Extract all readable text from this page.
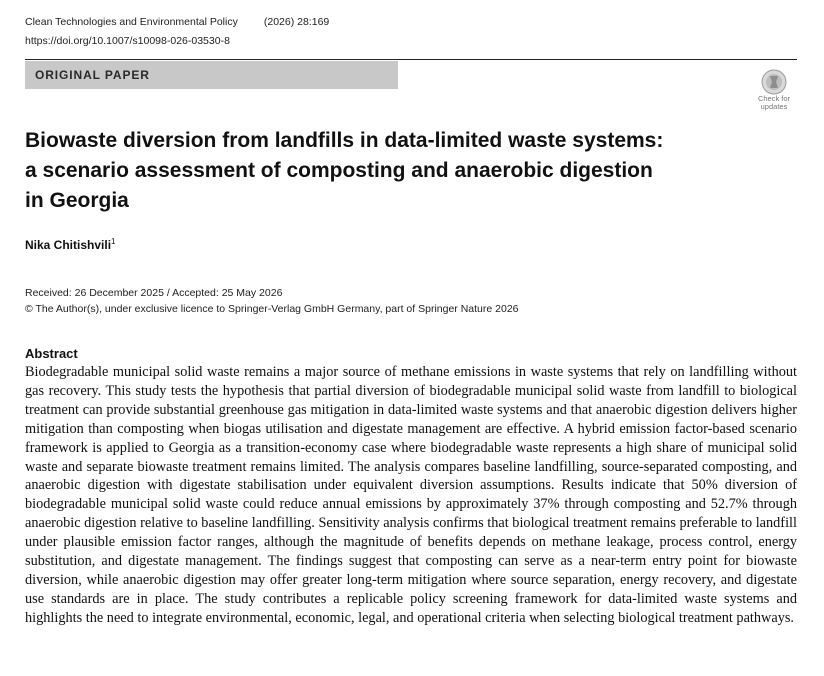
Clean Technologies and Environmental Policy (2026) 28:169
https://doi.org/10.1007/s10098-026-03530-8
ORIGINAL PAPER
Check for
updates
Biowaste diversion from landfills in data-limited waste systems:
a scenario assessment of composting and anaerobic digestion
in Georgia
Nika Chitishvili$^1$
Received: 26 December 2025 / Accepted: 25 May 2026
© The Author(s), under exclusive licence to Springer-Verlag GmbH Germany, part of Springer Nature 2026
Abstract
Biodegradable municipal solid waste remains a major source of methane emissions in waste systems that rely on landfilling without gas recovery. This study tests the hypothesis that partial diversion of biodegradable municipal solid waste from landfill to biological treatment can provide substantial greenhouse gas mitigation in data-limited waste systems and that anaerobic digestion delivers higher mitigation than composting when biogas utilisation and digestate management are effective. A hybrid emission factor-based scenario framework is applied to Georgia as a transition-economy case where biodegradable waste represents a high share of municipal solid waste and separate biowaste treatment remains limited. The analysis compares baseline landfilling, source-separated composting, and anaerobic digestion with digestate stabilisation under equivalent diversion assumptions. Results indicate that 50% diversion of biodegradable municipal solid waste could reduce annual emissions by approximately 37% through composting and 52.7% through anaerobic digestion relative to baseline landfilling. Sensitivity analysis confirms that biological treatment remains preferable to landfill under plausible emission factor ranges, although the magnitude of benefits depends on methane leakage, process control, energy substitution, and digestate management. The findings suggest that composting can serve as a near-term entry point for biowaste diversion, while anaerobic digestion may offer greater long-term mitigation where source separation, energy recovery, and digestate use standards are in place. The study contributes a replicable policy screening framework for data-limited waste systems and highlights the need to integrate environmental, economic, legal, and operational criteria when selecting biological treatment pathways.
